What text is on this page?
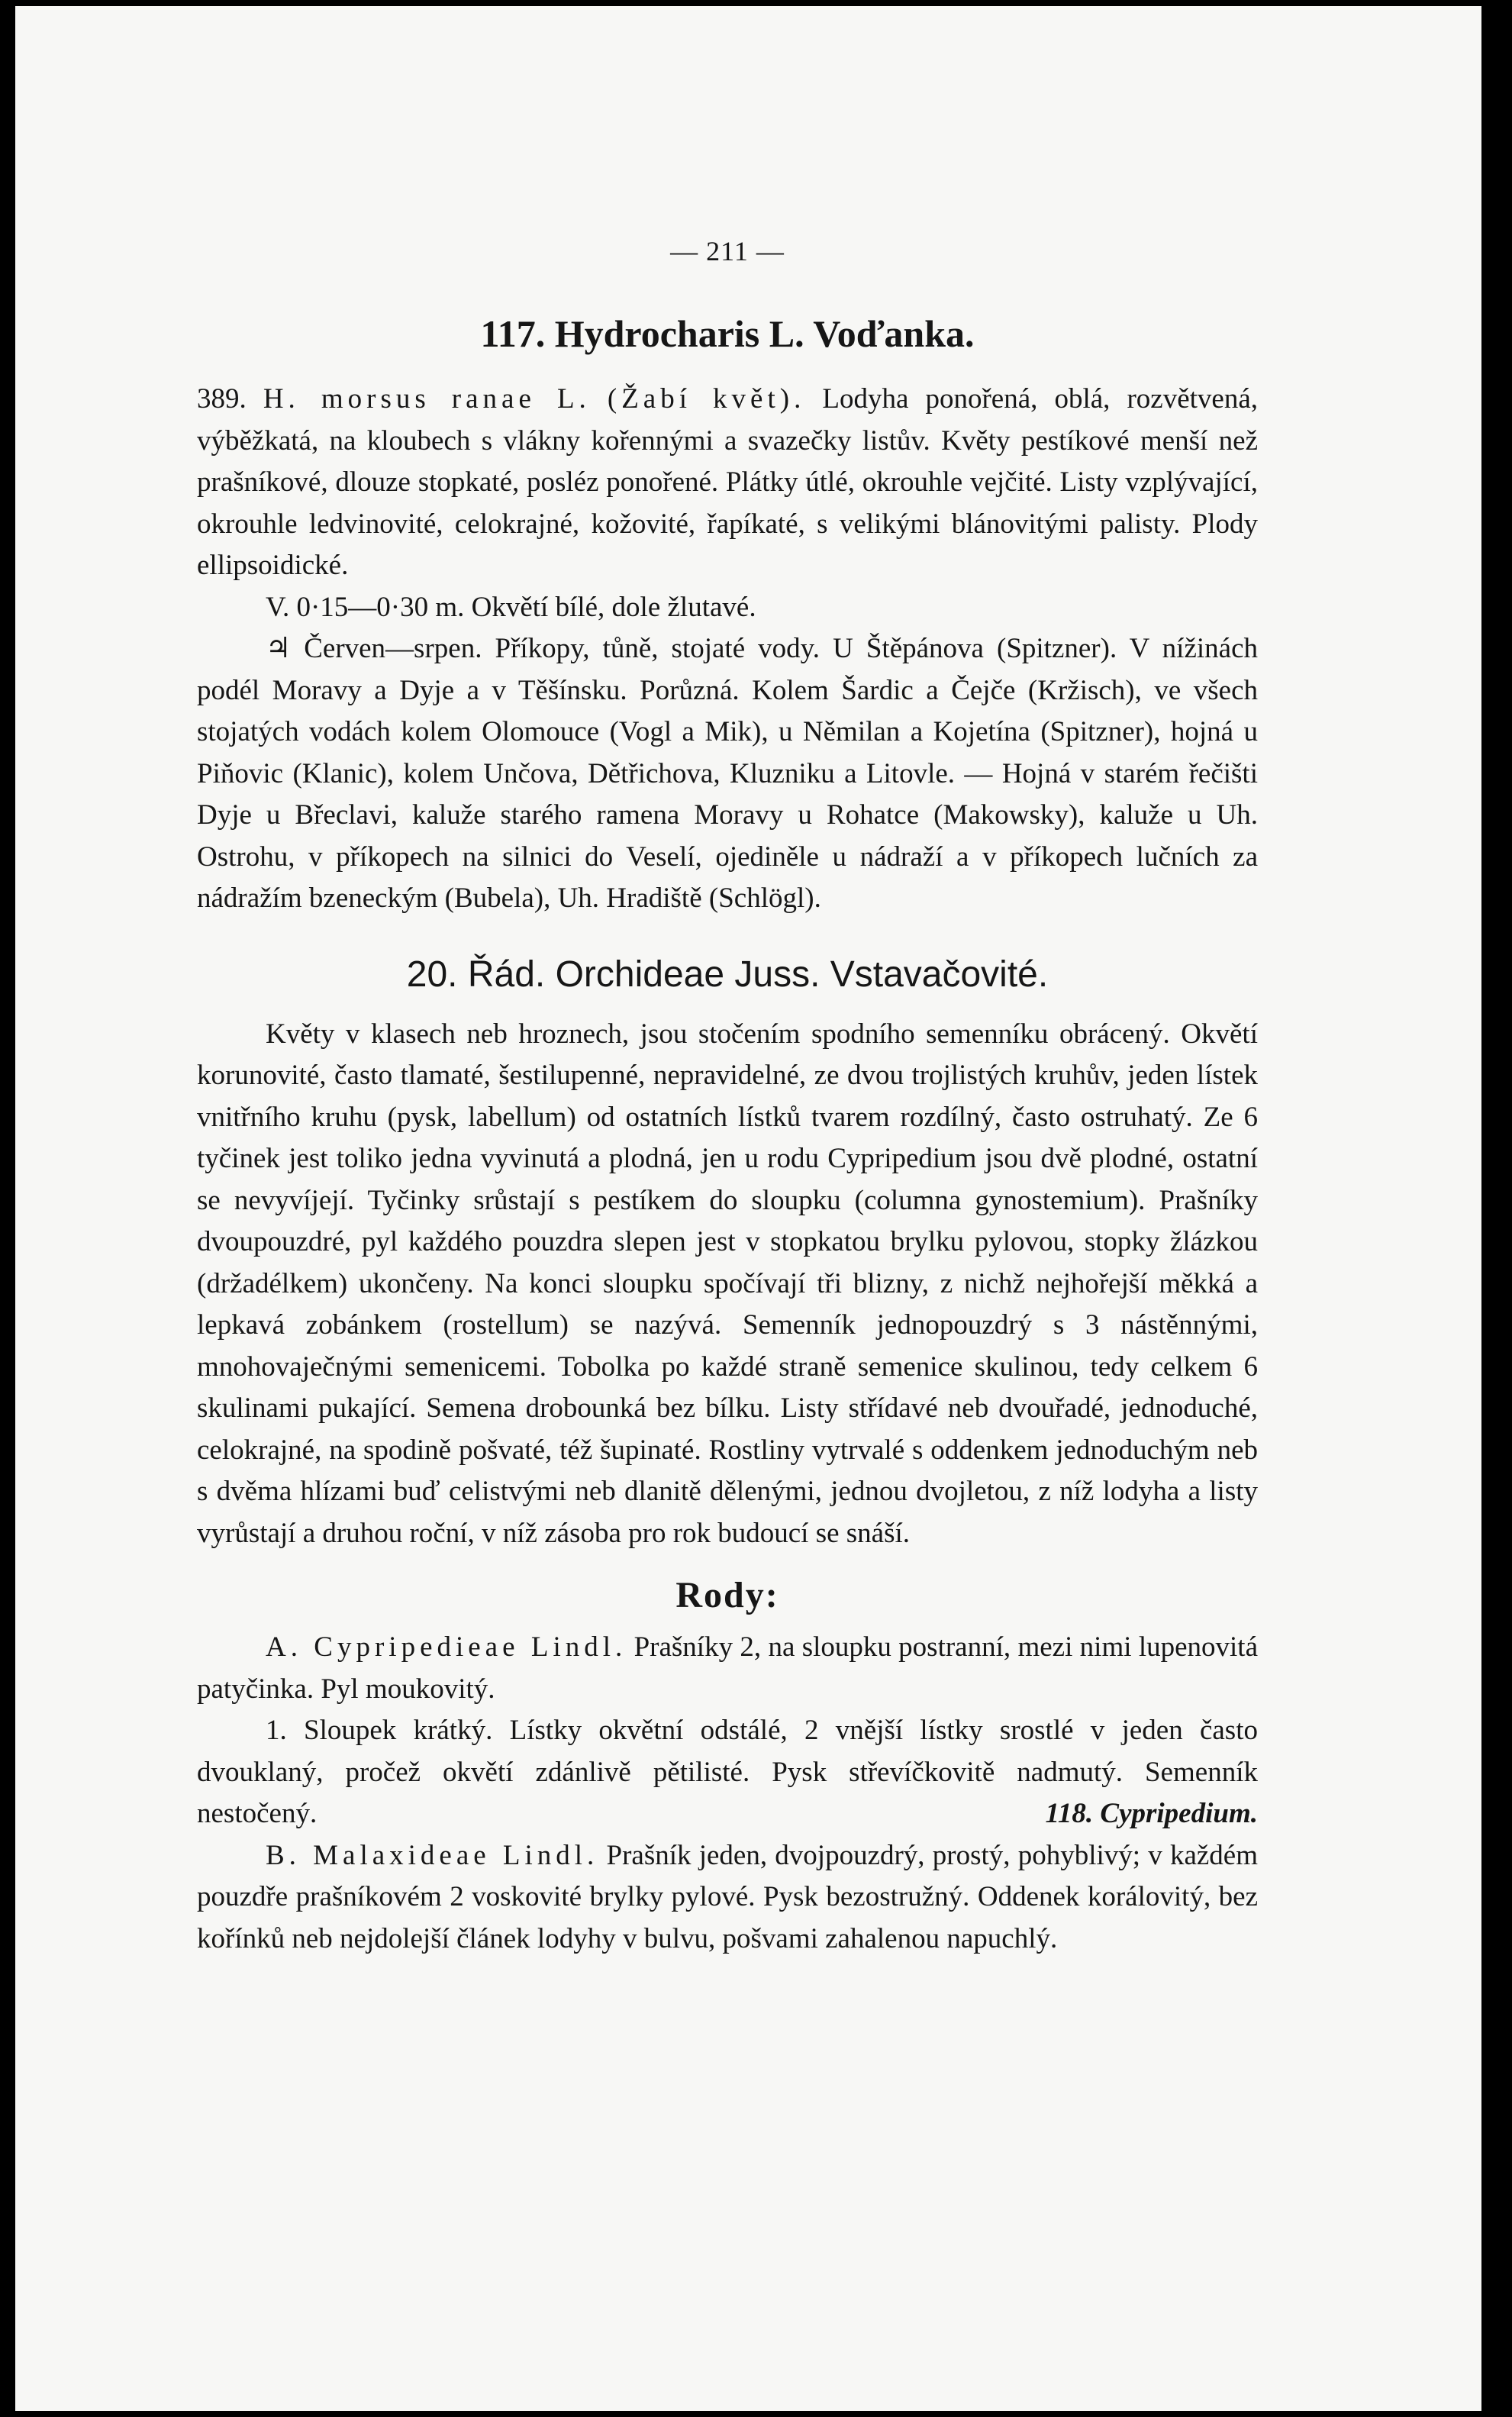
— 211 —
117. Hydrocharis L. Voďanka.

389. H. morsus ranae L. (Žabí květ). Lodyha ponořená, oblá, rozvětvená, výběžkatá, na kloubech s vlákny kořennými a svazečky listův. Květy pestíkové menší než prašníkové, dlouze stopkaté, posléz ponořené. Plátky útlé, okrouhle vejčité. Listy vzplývající, okrouhle ledvinovité, celokrajné, kožovité, řapíkaté, s velikými blánovitými palisty. Plody ellipsoidické.

V. 0·15—0·30 m. Okvětí bílé, dole žlutavé.

♃ Červen—srpen. Příkopy, tůně, stojaté vody. U Štěpánova (Spitzner). V nížinách podél Moravy a Dyje a v Těšínsku. Porůzná. Kolem Šardic a Čejče (Kržisch), ve všech stojatých vodách kolem Olomouce (Vogl a Mik), u Němilan a Kojetína (Spitzner), hojná u Piňovic (Klanic), kolem Unčova, Dětřichova, Kluzniku a Litovle. — Hojná v starém řečišti Dyje u Břeclavi, kaluže starého ramena Moravy u Rohatce (Makowsky), kaluže u Uh. Ostrohu, v příkopech na silnici do Veselí, ojediněle u nádraží a v příkopech lučních za nádražím bzeneckým (Bubela), Uh. Hradiště (Schlögl).

20. Řád. Orchideae Juss. Vstavačovité.

Květy v klasech neb hroznech, jsou stočením spodního semenníku obrácený. Okvětí korunovité, často tlamaté, šestilupenné, nepravidelné, ze dvou trojlistých kruhův, jeden lístek vnitřního kruhu (pysk, labellum) od ostatních lístků tvarem rozdílný, často ostruhatý. Ze 6 tyčinek jest toliko jedna vyvinutá a plodná, jen u rodu Cypripedium jsou dvě plodné, ostatní se nevyvíjejí. Tyčinky srůstají s pestíkem do sloupku (columna gynostemium). Prašníky dvoupouzdré, pyl každého pouzdra slepen jest v stopkatou brylku pylovou, stopky žlázkou (držadélkem) ukončeny. Na konci sloupku spočívají tři blizny, z nichž nejhořejší měkká a lepkavá zobánkem (rostellum) se nazývá. Semenník jednopouzdrý s 3 nástěnnými, mnohovaječnými semenicemi. Tobolka po každé straně semenice skulinou, tedy celkem 6 skulinami pukající. Semena drobounká bez bílku. Listy střídavé neb dvouřadé, jednoduché, celokrajné, na spodině pošvaté, též šupinaté. Rostliny vytrvalé s oddenkem jednoduchým neb s dvěma hlízami buď celistvými neb dlanitě dělenými, jednou dvojletou, z níž lodyha a listy vyrůstají a druhou roční, v níž zásoba pro rok budoucí se snáší.

Rody:

A. Cypripedieae Lindl. Prašníky 2, na sloupku postranní, mezi nimi lupenovitá patyčinka. Pyl moukovitý.

1. Sloupek krátký. Lístky okvětní odstálé, 2 vnější lístky srostlé v jeden často dvouklaný, pročež okvětí zdánlivě pětilisté. Pysk střevíčkovitě nadmutý. Semenník nestočený.	118. Cypripedium.

B. Malaxideae Lindl. Prašník jeden, dvojpouzdrý, prostý, pohyblivý; v každém pouzdře prašníkovém 2 voskovité brylky pylové. Pysk bezostružný. Oddenek korálovitý, bez kořínků neb nejdolejší článek lodyhy v bulvu, pošvami zahalenou napuchlý.
